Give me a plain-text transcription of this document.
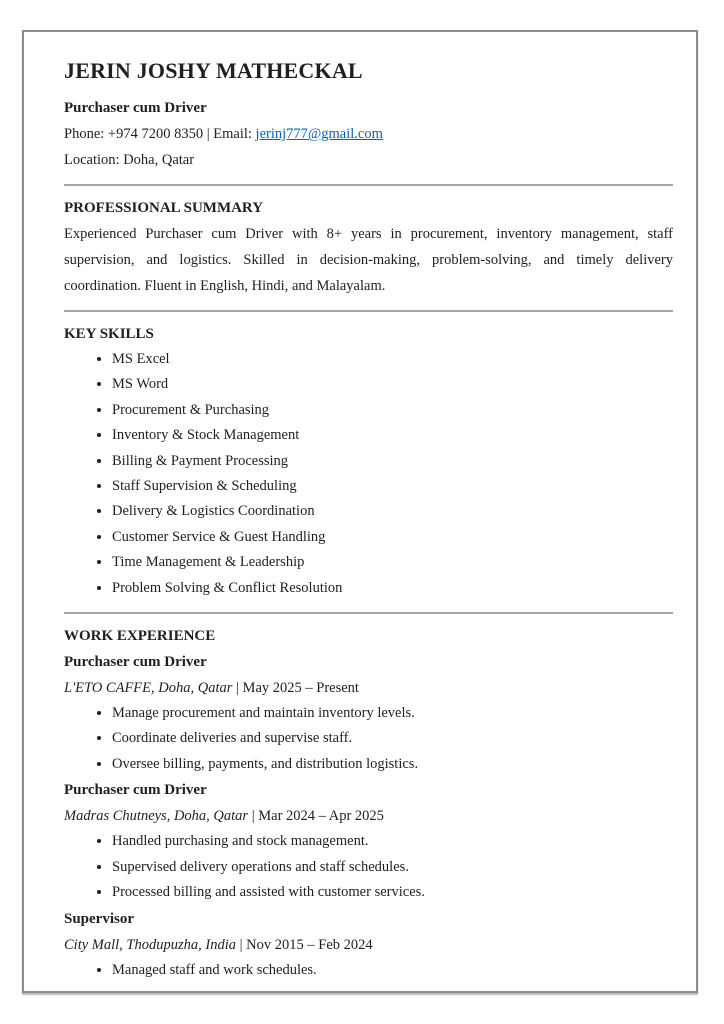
JERIN JOSHY MATHECKAL

Purchaser cum Driver

Phone: +974 7200 8350 | Email: jerinj777@gmail.com

Location: Doha, Qatar

PROFESSIONAL SUMMARY

Experienced Purchaser cum Driver with 8+ years in procurement, inventory management, staff supervision, and logistics. Skilled in decision-making, problem-solving, and timely delivery coordination. Fluent in English, Hindi, and Malayalam.

KEY SKILLS
• MS Excel
• MS Word
• Procurement & Purchasing
• Inventory & Stock Management
• Billing & Payment Processing
• Staff Supervision & Scheduling
• Delivery & Logistics Coordination
• Customer Service & Guest Handling
• Time Management & Leadership
• Problem Solving & Conflict Resolution
WORK EXPERIENCE

Purchaser cum Driver

L'ETO CAFFE, Doha, Qatar | May 2025 – Present

• Manage procurement and maintain inventory levels.
• Coordinate deliveries and supervise staff.
• Oversee billing, payments, and distribution logistics.

Purchaser cum Driver

Madras Chutneys, Doha, Qatar | Mar 2024 – Apr 2025

• Handled purchasing and stock management.
• Supervised delivery operations and staff schedules.
• Processed billing and assisted with customer services.

Supervisor

City Mall, Thodupuzha, India | Nov 2015 – Feb 2024

• Managed staff and work schedules.
